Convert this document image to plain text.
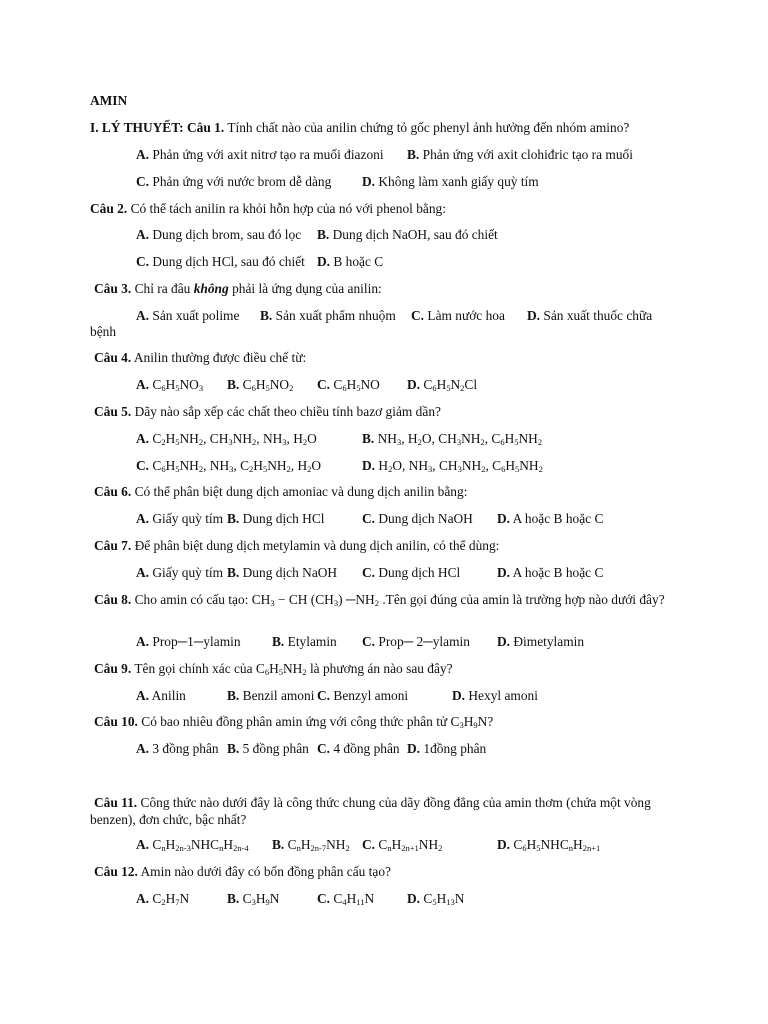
AMIN
I. LÝ THUYẾT: Câu 1. Tính chất nào của anilin chứng tỏ gốc phenyl ảnh hưởng đến nhóm amino?
A. Phản ứng với axit nitrơ tạo ra muối điazoni B. Phản ứng với axit clohiđric tạo ra muối
C. Phản ứng với nước brom dễ dàng D. Không làm xanh giấy quỳ tím
Câu 2. Có thể tách anilin ra khỏi hỗn hợp của nó với phenol bằng:
A. Dung dịch brom, sau đó lọc B. Dung dịch NaOH, sau đó chiết
C. Dung dịch HCl, sau đó chiết D. B hoặc C
Câu 3. Chỉ ra đâu không phải là ứng dụng của anilin:
A. Sản xuất polime B. Sản xuất phẩm nhuộm C. Làm nước hoa D. Sản xuất thuốc chữa
bệnh
Câu 4. Anilin thường được điều chế từ:
A. $C_6H_5NO_3$ B. $C_6H_5NO_2$ C. $C_6H_5NO$ D. $C_6H_5N_2Cl$
Câu 5. Dãy nào sắp xếp các chất theo chiều tính bazơ giảm dần?
A. $C_2H_5NH_2$, $CH_3NH_2$, $NH_3$, $H_2O$	B. $NH_3$, $H_2O$, $CH_3NH_2$, $C_6H_5NH_2$
C. $C_6H_5NH_2$, $NH_3$, $C_2H_5NH_2$, $H_2O$	D. $H_2O$, $NH_3$, $CH_3NH_2$, $C_6H_5NH_2$
Câu 6. Có thể phân biệt dung dịch amoniac và dung dịch anilin bằng:
A. Giấy quỳ tím B. Dung dịch HCl	C. Dung dịch NaOH D. A hoặc B hoặc C
Câu 7. Để phân biệt dung dịch metylamin và dung dịch anilin, có thể dùng:
A. Giấy quỳ tím B. Dung dịch NaOH C. Dung dịch HCl	D. A hoặc B hoặc C
Câu 8. Cho amin có cấu tạo: $CH_3$ − CH $(CH_3)$ $─NH_2$ .Tên gọi đúng của amin là trường hợp nào dưới đây?
A. Prop─1─ylamin B. Etylamin C. Prop─ 2─ylamin D. Đimetylamin
Câu 9. Tên gọi chính xác của $C_6H_5NH_2$ là phương án nào sau đây?
A. Anilin	B. Benzil amoni C. Benzyl amoni	D. Hexyl amoni
Câu 10. Có bao nhiêu đồng phân amin ứng với công thức phân tử $C_3H_9N$?
A. 3 đồng phân B. 5 đồng phân C. 4 đồng phân D. 1đồng phân
Câu 11. Công thức nào dưới đây là công thức chung của dãy đồng đẳng của amin thơm (chứa một vòng benzen), đơn chức, bậc nhất?
A. $C_nH_{2n-3}NHC_nH_{2n-4}$ B. $C_nH_{2n-7}NH_2$ C. $C_nH_{2n+1}NH_2$	D. $C_6H_5NHC_nH_{2n+1}$
Câu 12. Amin nào dưới đây có bốn đồng phân cấu tạo?
A. $C_2H_7N$	B. $C_3H_9N$	C. $C_4H_{11}N$ D. $C_5H_{13}N$
